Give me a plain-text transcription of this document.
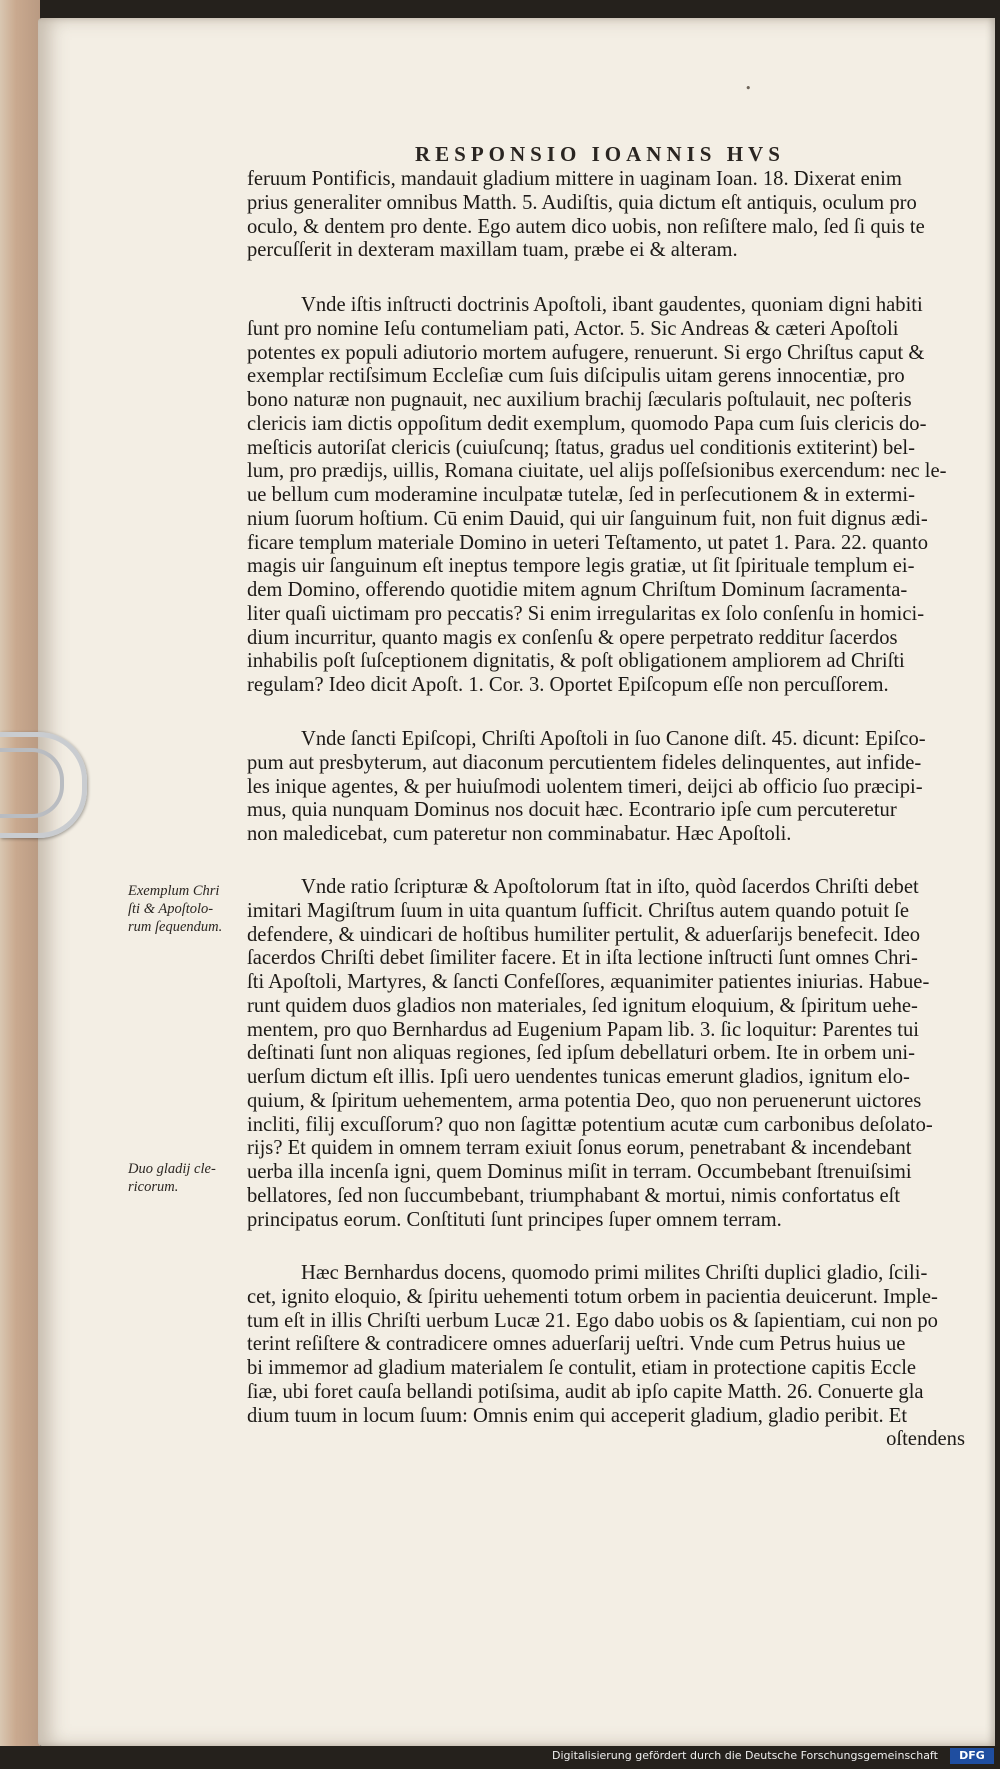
•
RESPONSIO IOANNIS HVS

feruum Pontificis, mandauit gladium mittere in uaginam Ioan. 18. Dixerat enim
prius generaliter omnibus Matth. 5. Audiſtis, quia dictum eſt antiquis, oculum pro
oculo, & dentem pro dente. Ego autem dico uobis, non reſiſtere malo, ſed ſi quis te
percuſſerit in dexteram maxillam tuam, præbe ei & alteram.

Vnde iſtis inſtructi doctrinis Apoſtoli, ibant gaudentes, quoniam digni habiti
ſunt pro nomine Ieſu contumeliam pati, Actor. 5. Sic Andreas & cæteri Apoſtoli
potentes ex populi adiutorio mortem aufugere, renuerunt. Si ergo Chriſtus caput &
exemplar rectiſsimum Eccleſiæ cum ſuis diſcipulis uitam gerens innocentiæ, pro
bono naturæ non pugnauit, nec auxilium brachij ſæcularis poſtulauit, nec poſteris
clericis iam dictis oppoſitum dedit exemplum, quomodo Papa cum ſuis clericis do-
meſticis autoriſat clericis (cuiuſcunq; ſtatus, gradus uel conditionis extiterint) bel-
lum, pro prædijs, uillis, Romana ciuitate, uel alijs poſſeſsionibus exercendum: nec le-
ue bellum cum moderamine inculpatæ tutelæ, ſed in perſecutionem & in extermi-
nium ſuorum hoſtium. Cū enim Dauid, qui uir ſanguinum fuit, non fuit dignus ædi-
ficare templum materiale Domino in ueteri Teſtamento, ut patet 1. Para. 22. quanto
magis uir ſanguinum eſt ineptus tempore legis gratiæ, ut ſit ſpirituale templum ei-
dem Domino, offerendo quotidie mitem agnum Chriſtum Dominum ſacramenta-
liter quaſi uictimam pro peccatis? Si enim irregularitas ex ſolo conſenſu in homici-
dium incurritur, quanto magis ex conſenſu & opere perpetrato redditur ſacerdos
inhabilis poſt ſuſceptionem dignitatis, & poſt obligationem ampliorem ad Chriſti
regulam? Ideo dicit Apoſt. 1. Cor. 3. Oportet Epiſcopum eſſe non percuſſorem.

Vnde ſancti Epiſcopi, Chriſti Apoſtoli in ſuo Canone diſt. 45. dicunt: Epiſco-
pum aut presbyterum, aut diaconum percutientem fideles delinquentes, aut infide-
les inique agentes, & per huiuſmodi uolentem timeri, deijci ab officio ſuo præcipi-
mus, quia nunquam Dominus nos docuit hæc. Econtrario ipſe cum percuteretur
non maledicebat, cum pateretur non comminabatur. Hæc Apoſtoli.

Vnde ratio ſcripturæ & Apoſtolorum ſtat in iſto, quòd ſacerdos Chriſti debet
imitari Magiſtrum ſuum in uita quantum ſufficit. Chriſtus autem quando potuit ſe
defendere, & uindicari de hoſtibus humiliter pertulit, & aduerſarijs benefecit. Ideo
ſacerdos Chriſti debet ſimiliter facere. Et in iſta lectione inſtructi ſunt omnes Chri-
ſti Apoſtoli, Martyres, & ſancti Confeſſores, æquanimiter patientes iniurias. Habue-
runt quidem duos gladios non materiales, ſed ignitum eloquium, & ſpiritum uehe-
mentem, pro quo Bernhardus ad Eugenium Papam lib. 3. ſic loquitur: Parentes tui
deſtinati ſunt non aliquas regiones, ſed ipſum debellaturi orbem. Ite in orbem uni-
uerſum dictum eſt illis. Ipſi uero uendentes tunicas emerunt gladios, ignitum elo-
quium, & ſpiritum uehementem, arma potentia Deo, quo non peruenerunt uictores
incliti, filij excuſſorum? quo non ſagittæ potentium acutæ cum carbonibus deſolato-
rijs? Et quidem in omnem terram exiuit ſonus eorum, penetrabant & incendebant
uerba illa incenſa igni, quem Dominus miſit in terram. Occumbebant ſtrenuiſsimi
bellatores, ſed non ſuccumbebant, triumphabant & mortui, nimis confortatus eſt
principatus eorum. Conſtituti ſunt principes ſuper omnem terram.

Hæc Bernhardus docens, quomodo primi milites Chriſti duplici gladio, ſcili-
cet, ignito eloquio, & ſpiritu uehementi totum orbem in pacientia deuicerunt. Imple-
tum eſt in illis Chriſti uerbum Lucæ 21. Ego dabo uobis os & ſapientiam, cui non po
terint reſiſtere & contradicere omnes aduerſarij ueſtri. Vnde cum Petrus huius ue
bi immemor ad gladium materialem ſe contulit, etiam in protectione capitis Eccle
ſiæ, ubi foret cauſa bellandi potiſsima, audit ab ipſo capite Matth. 26. Conuerte gla
dium tuum in locum ſuum: Omnis enim qui acceperit gladium, gladio peribit. Et
oſtendens

Exemplum Chri
ſti & Apoſtolo-
rum ſequendum.
Duo gladij cle-
ricorum.
Digitalisierung gefördert durch die Deutsche Forschungsgemeinschaft	DFG
